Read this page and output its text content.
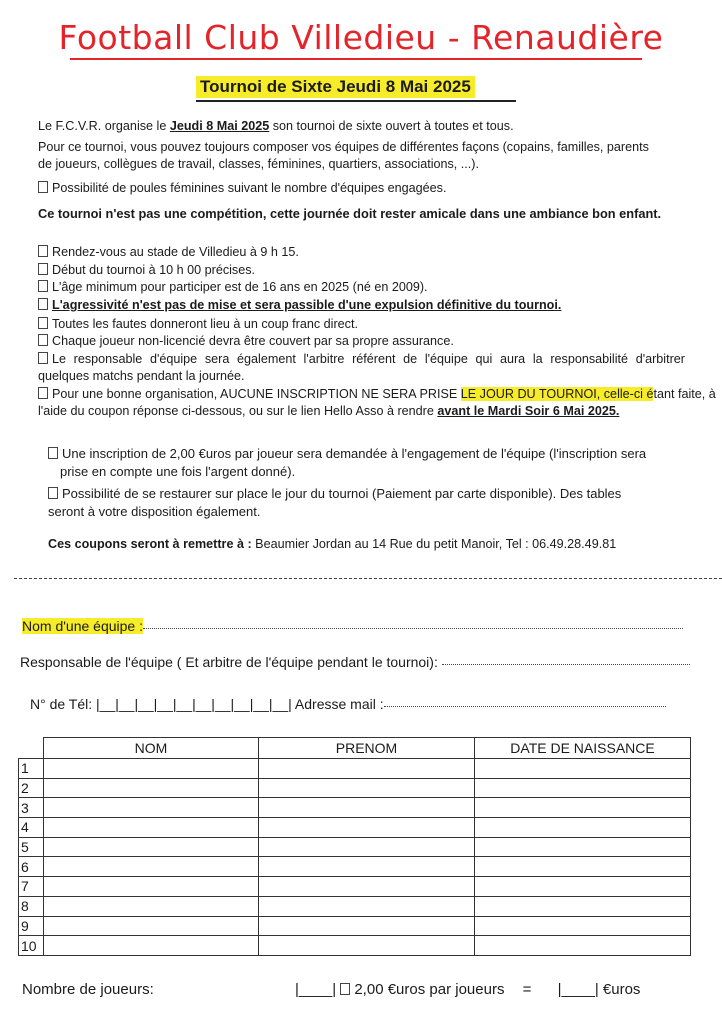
Football Club Villedieu - Renaudière
Tournoi de Sixte Jeudi 8 Mai 2025
Le F.C.V.R. organise le Jeudi 8 Mai 2025 son tournoi de sixte ouvert à toutes et tous.
Pour ce tournoi, vous pouvez toujours composer vos équipes de différentes façons (copains, familles, parents
de joueurs, collègues de travail, classes, féminines, quartiers, associations, ...).
Possibilité de poules féminines suivant le nombre d'équipes engagées.
Ce tournoi n'est pas une compétition, cette journée doit rester amicale dans une ambiance bon enfant.
Rendez-vous au stade de Villedieu à 9 h 15.
Début du tournoi à 10 h 00 précises.
L'âge minimum pour participer est de 16 ans en 2025 (né en 2009).
L'agressivité n'est pas de mise et sera passible d'une expulsion définitive du tournoi.
Toutes les fautes donneront lieu à un coup franc direct.
Chaque joueur non-licencié devra être couvert par sa propre assurance.
Le responsable d'équipe sera également l'arbitre référent de l'équipe qui aura la responsabilité d'arbitrer quelques matchs pendant la journée.
Pour une bonne organisation, AUCUNE INSCRIPTION NE SERA PRISE LE JOUR DU TOURNOI, celle-ci étant faite, à
l'aide du coupon réponse ci-dessous, ou sur le lien Hello Asso à rendre avant le Mardi Soir 6 Mai 2025.
Une inscription de 2,00 €uros par joueur sera demandée à l'engagement de l'équipe (l'inscription sera
prise en compte une fois l'argent donné).
Possibilité de se restaurer sur place le jour du tournoi (Paiement par carte disponible). Des tables
seront à votre disposition également.
Ces coupons seront à remettre à : Beaumier Jordan au 14 Rue du petit Manoir, Tel : 06.49.28.49.81
Nom d'une équipe :
Responsable de l'équipe ( Et arbitre de l'équipe pendant le tournoi):
N° de Tél: |__|__|__|__|__|__|__|__|__|__| Adresse mail :
	NOM	PRENOM	DATE DE NAISSANCE
1			
2			
3			
4			
5			
6			
7			
8			
9			
10			
Nombre de joueurs:	|____| 2,00 €uros par joueurs = |____| €uros
